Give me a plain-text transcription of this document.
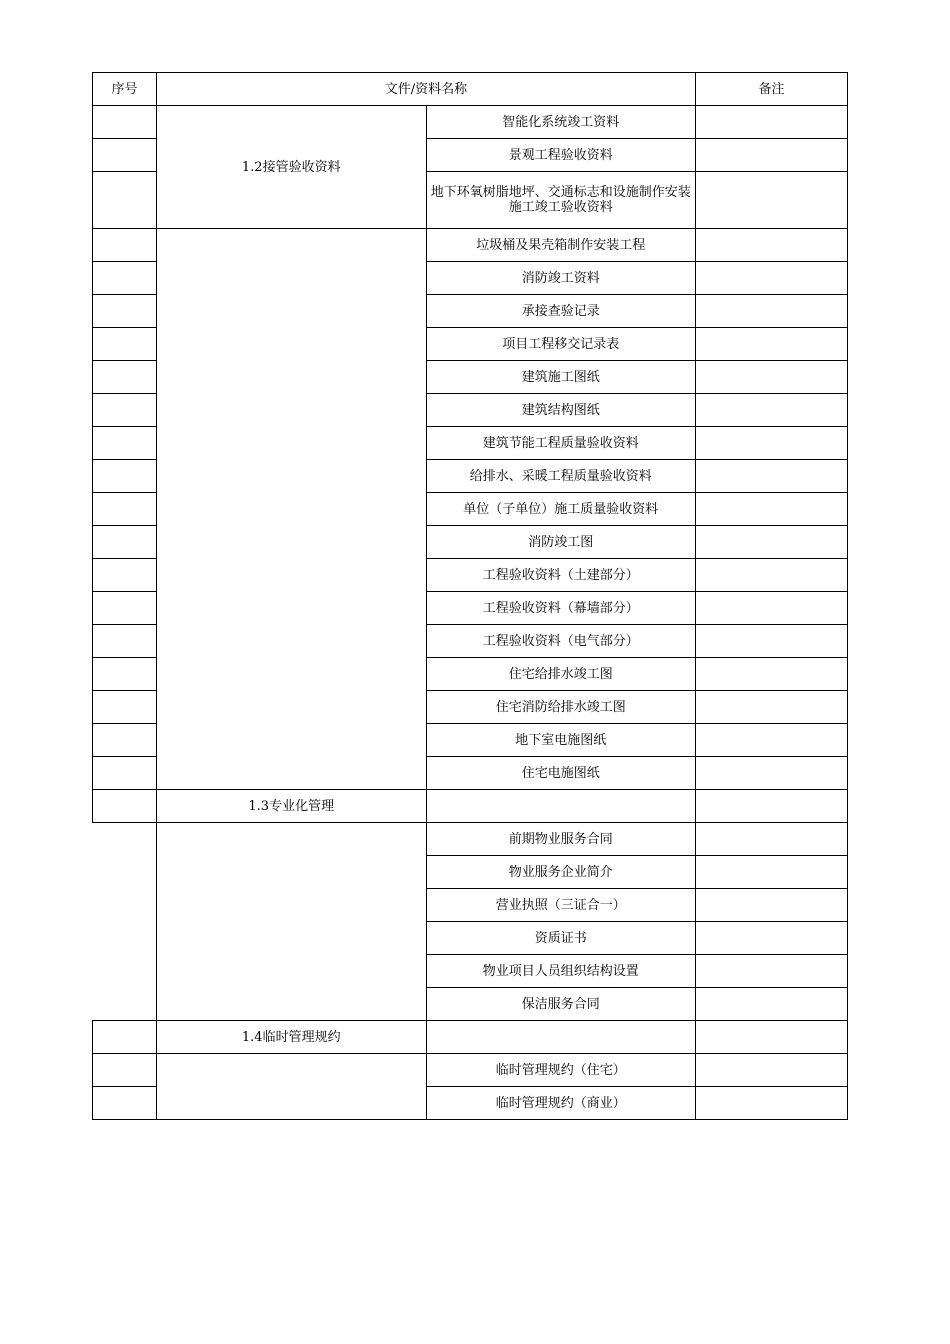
序号	文件/资料名称		备注
	1.2接管验收资料	智能化系统竣工资料	
		景观工程验收资料	
		地下环氧树脂地坪、交通标志和设施制作安装施工竣工验收资料	
		垃圾桶及果壳箱制作安装工程	
		消防竣工资料	
		承接查验记录	
		项目工程移交记录表	
		建筑施工图纸	
		建筑结构图纸	
		建筑节能工程质量验收资料	
		给排水、采暖工程质量验收资料	
		单位（子单位）施工质量验收资料	
		消防竣工图	
		工程验收资料（土建部分）	
		工程验收资料（幕墙部分）	
		工程验收资料（电气部分）	
		住宅给排水竣工图	
		住宅消防给排水竣工图	
		地下室电施图纸	
		住宅电施图纸	
	1.3专业化管理		
		前期物业服务合同	
		物业服务企业简介	
		营业执照（三证合一）	
		资质证书	
		物业项目人员组织结构设置	
		保洁服务合同	
	1.4临时管理规约		
		临时管理规约（住宅）	
		临时管理规约（商业）	
